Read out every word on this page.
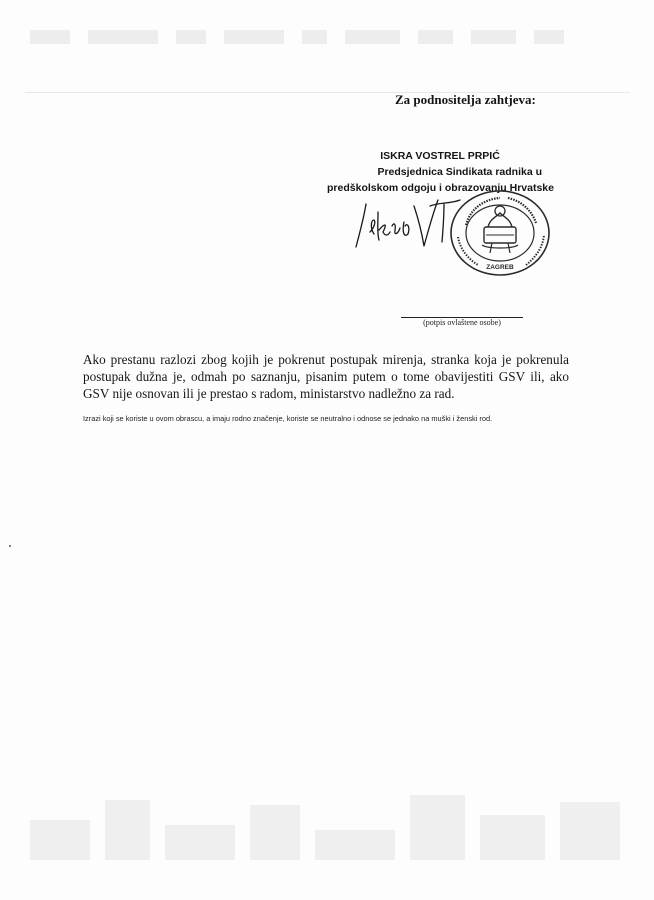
Za podnositelja zahtjeva:
ISKRA VOSTREL PRPIĆ
Predsjednica Sindikata radnika u
predškolskom odgoju i obrazovanju Hrvatske
ZAGREB
(potpis ovlaštene osobe)
Ako prestanu razlozi zbog kojih je pokrenut postupak mirenja, stranka koja je pokrenula postupak dužna je, odmah po saznanju, pisanim putem o tome obavijestiti GSV ili, ako GSV nije osnovan ili je prestao s radom, ministarstvo nadležno za rad.
Izrazi koji se koriste u ovom obrascu, a imaju rodno značenje, koriste se neutralno i odnose se jednako na muški i ženski rod.
